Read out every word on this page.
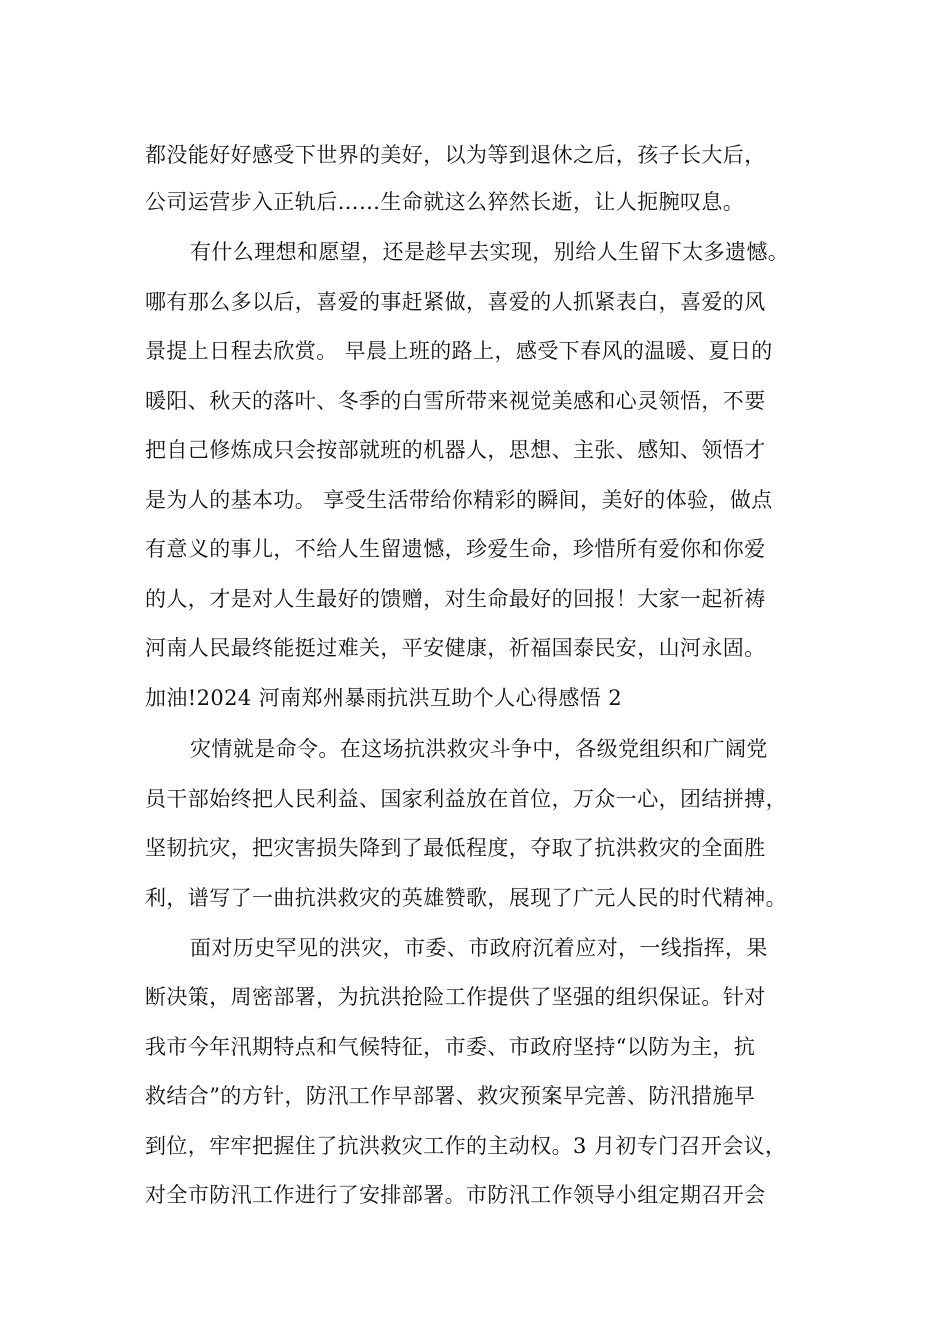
都没能好好感受下世界的美好，以为等到退休之后，孩子长大后，
公司运营步入正轨后……生命就这么猝然长逝，让人扼腕叹息。
有什么理想和愿望，还是趁早去实现，别给人生留下太多遗憾。
哪有那么多以后，喜爱的事赶紧做，喜爱的人抓紧表白，喜爱的风
景提上日程去欣赏。 早晨上班的路上，感受下春风的温暖、夏日的
暖阳、秋天的落叶、冬季的白雪所带来视觉美感和心灵领悟，不要
把自己修炼成只会按部就班的机器人，思想、主张、感知、领悟才
是为人的基本功。 享受生活带给你精彩的瞬间，美好的体验，做点
有意义的事儿，不给人生留遗憾，珍爱生命，珍惜所有爱你和你爱
的人，才是对人生最好的馈赠，对生命最好的回报！大家一起祈祷
河南人民最终能挺过难关，平安健康，祈福国泰民安，山河永固。
加油!2024 河南郑州暴雨抗洪互助个人心得感悟 2
灾情就是命令。在这场抗洪救灾斗争中，各级党组织和广阔党
员干部始终把人民利益、国家利益放在首位，万众一心，团结拼搏，
坚韧抗灾，把灾害损失降到了最低程度，夺取了抗洪救灾的全面胜
利，谱写了一曲抗洪救灾的英雄赞歌，展现了广元人民的时代精神。
面对历史罕见的洪灾，市委、市政府沉着应对，一线指挥，果
断决策，周密部署，为抗洪抢险工作提供了坚强的组织保证。针对
我市今年汛期特点和气候特征，市委、市政府坚持“以防为主，抗
救结合”的方针，防汛工作早部署、救灾预案早完善、防汛措施早
到位，牢牢把握住了抗洪救灾工作的主动权。3 月初专门召开会议，
对全市防汛工作进行了安排部署。市防汛工作领导小组定期召开会
